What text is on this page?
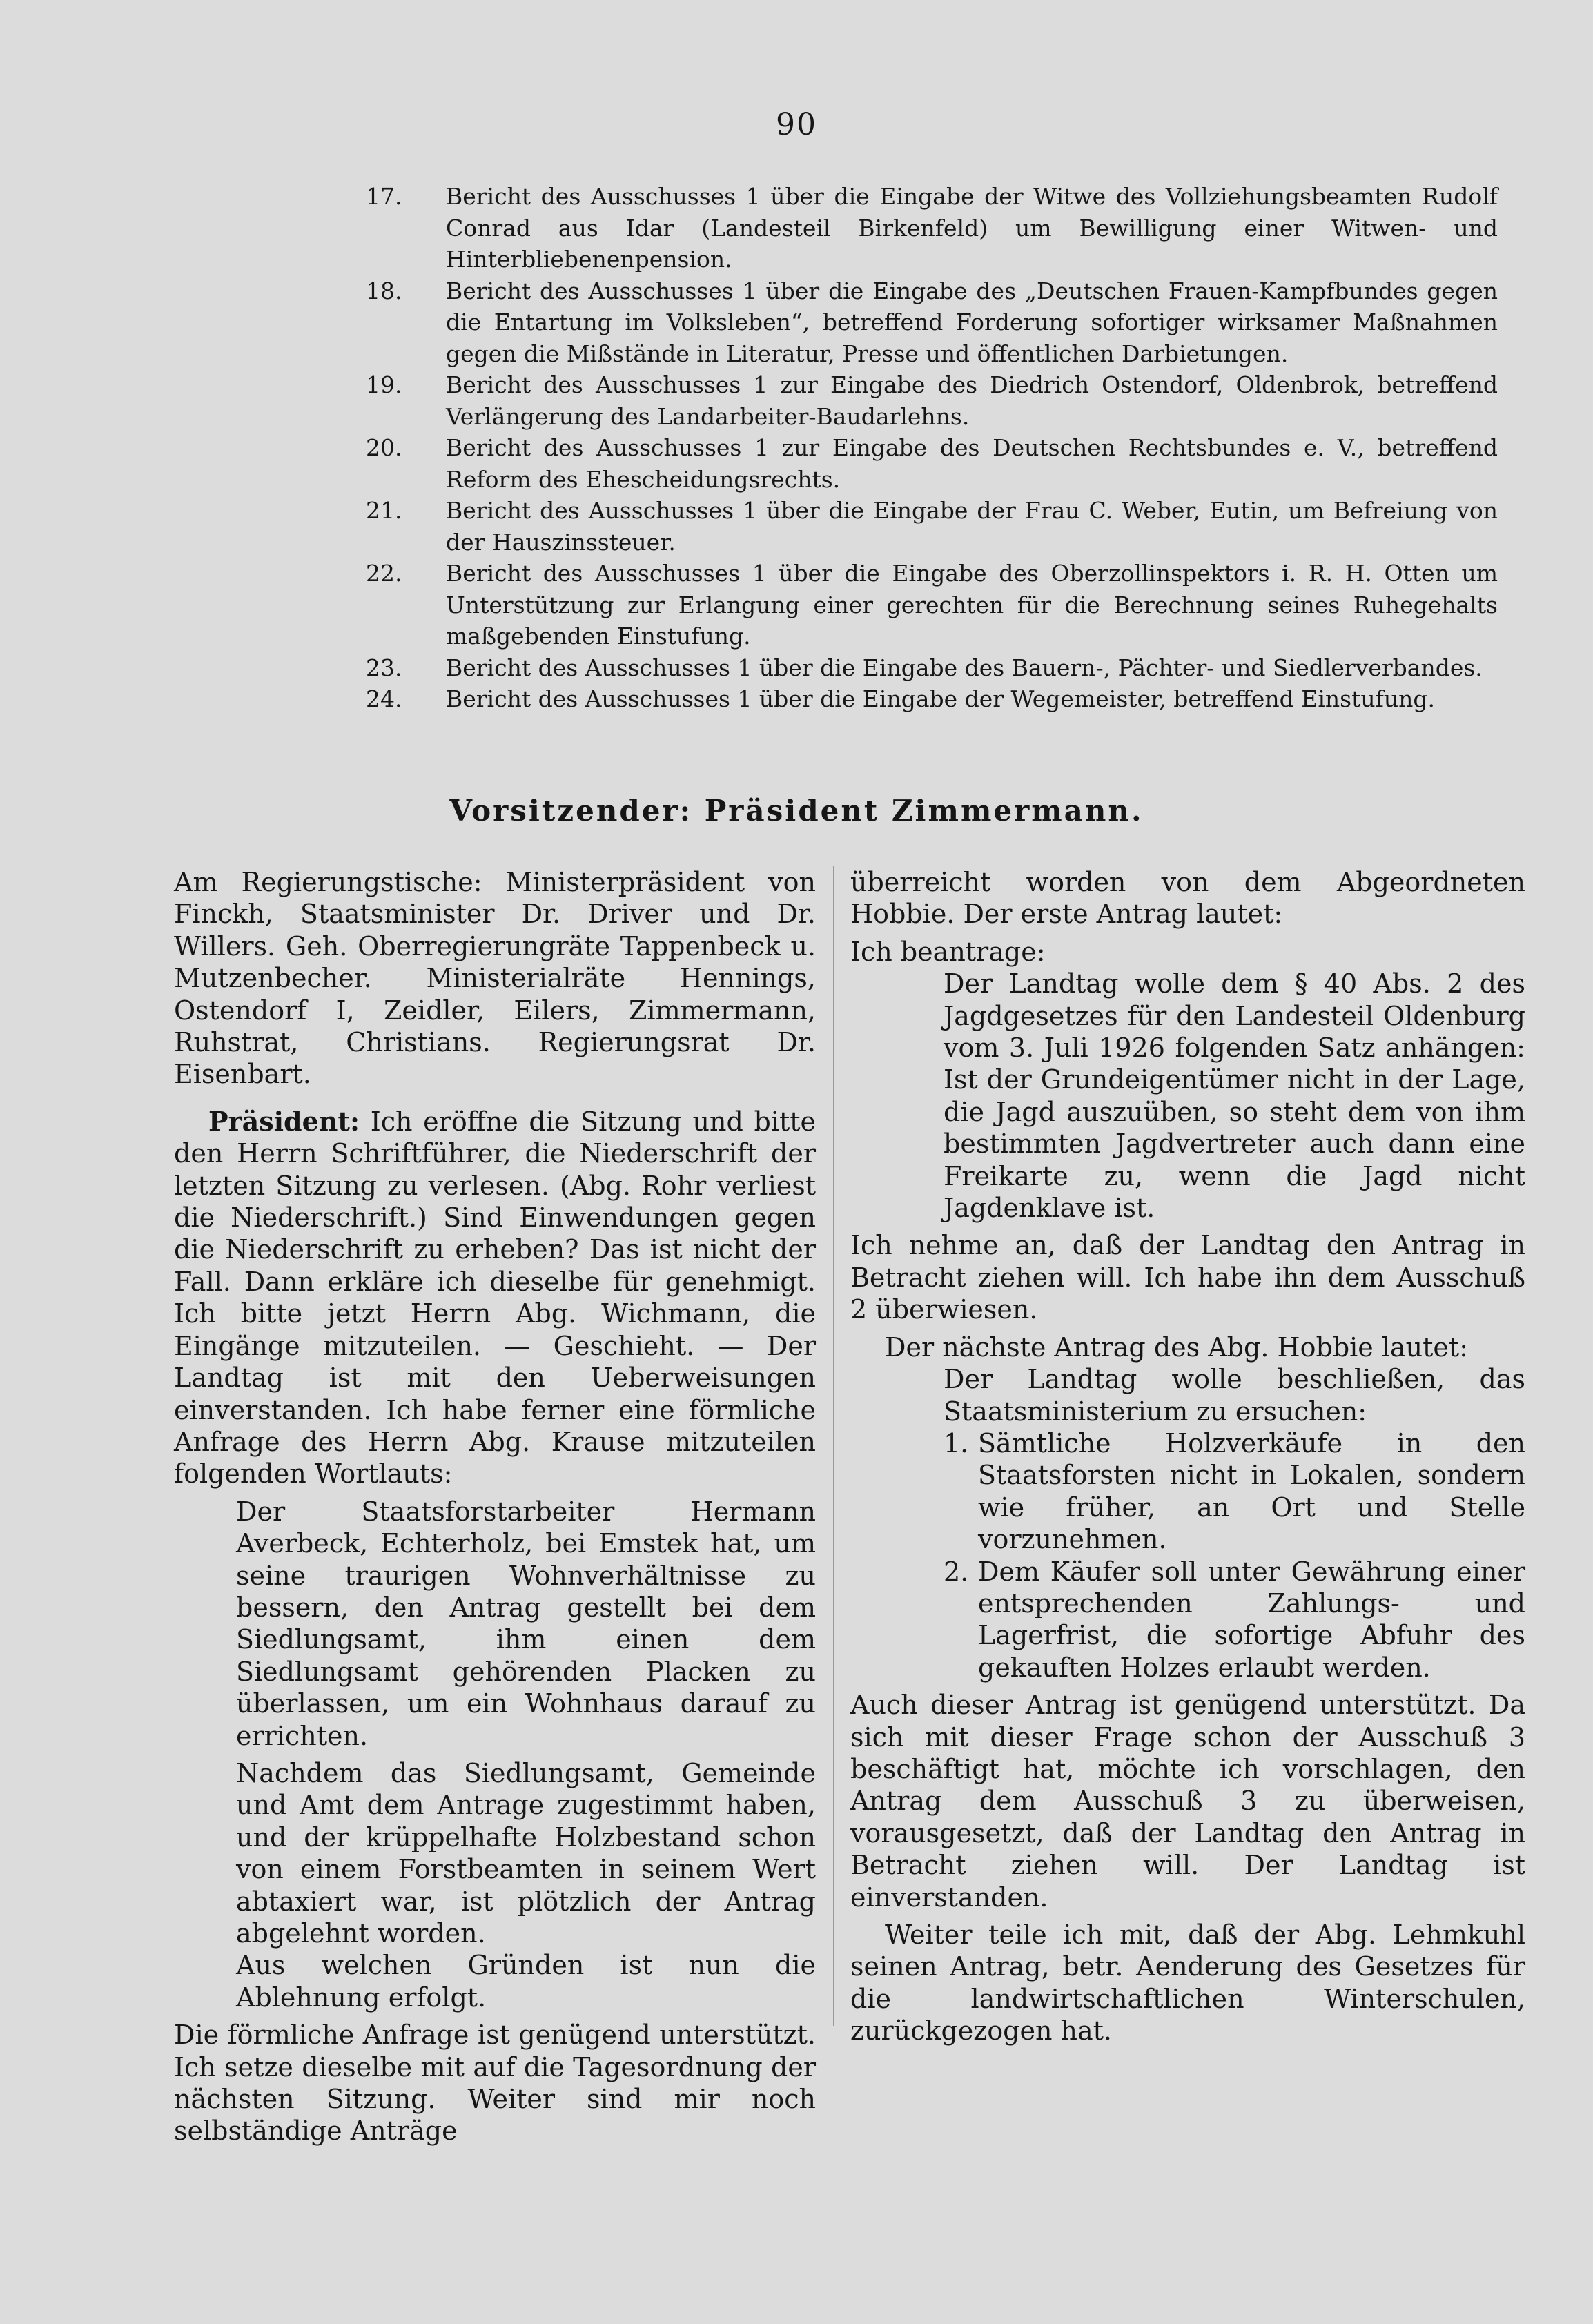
90
17.	Bericht des Ausschusses 1 über die Eingabe der Witwe des Vollziehungsbeamten Rudolf Conrad aus Idar (Landesteil Birkenfeld) um Bewilligung einer Witwen- und Hinterbliebenenpension.
18.	Bericht des Ausschusses 1 über die Eingabe des „Deutschen Frauen-Kampfbundes gegen die Entartung im Volksleben“, betreffend Forderung sofortiger wirksamer Maßnahmen gegen die Mißstände in Literatur, Presse und öffentlichen Darbietungen.
19.	Bericht des Ausschusses 1 zur Eingabe des Diedrich Ostendorf, Oldenbrok, betreffend Verlängerung des Landarbeiter-Baudarlehns.
20.	Bericht des Ausschusses 1 zur Eingabe des Deutschen Rechtsbundes e. V., betreffend Reform des Ehescheidungsrechts.
21.	Bericht des Ausschusses 1 über die Eingabe der Frau C. Weber, Eutin, um Befreiung von der Hauszinssteuer.
22.	Bericht des Ausschusses 1 über die Eingabe des Oberzollinspektors i. R. H. Otten um Unterstützung zur Erlangung einer gerechten für die Berechnung seines Ruhegehalts maßgebenden Einstufung.
23.	Bericht des Ausschusses 1 über die Eingabe des Bauern-, Pächter- und Siedlerverbandes.
24.	Bericht des Ausschusses 1 über die Eingabe der Wegemeister, betreffend Einstufung.
Vorsitzender: Präsident Zimmermann.

Am Regierungstische: Ministerpräsident von Finckh, Staatsminister Dr. Driver und Dr. Willers. Geh. Oberregierungräte Tappenbeck u. Mutzenbecher. Ministerialräte Hennings, Ostendorf I, Zeidler, Eilers, Zimmermann, Ruhstrat, Christians. Regierungsrat Dr. Eisenbart.

Präsident: Ich eröffne die Sitzung und bitte den Herrn Schriftführer, die Niederschrift der letzten Sitzung zu verlesen. (Abg. Rohr verliest die Niederschrift.) Sind Einwendungen gegen die Niederschrift zu erheben? Das ist nicht der Fall. Dann erkläre ich dieselbe für genehmigt. Ich bitte jetzt Herrn Abg. Wichmann, die Eingänge mitzuteilen. — Geschieht. — Der Landtag ist mit den Ueberweisungen einverstanden. Ich habe ferner eine förmliche Anfrage des Herrn Abg. Krause mitzuteilen folgenden Wortlauts:

Der Staatsforstarbeiter Hermann Averbeck, Echterholz, bei Emstek hat, um seine traurigen Wohnverhältnisse zu bessern, den Antrag gestellt bei dem Siedlungsamt, ihm einen dem Siedlungsamt gehörenden Placken zu überlassen, um ein Wohnhaus darauf zu errichten.

Nachdem das Siedlungsamt, Gemeinde und Amt dem Antrage zugestimmt haben, und der krüppelhafte Holzbestand schon von einem Forstbeamten in seinem Wert abtaxiert war, ist plötzlich der Antrag abgelehnt worden.

Aus welchen Gründen ist nun die Ablehnung erfolgt.

Die förmliche Anfrage ist genügend unterstützt. Ich setze dieselbe mit auf die Tagesordnung der nächsten Sitzung. Weiter sind mir noch selbständige Anträge

überreicht worden von dem Abgeordneten Hobbie. Der erste Antrag lautet:

Ich beantrage:

Der Landtag wolle dem § 40 Abs. 2 des Jagdgesetzes für den Landesteil Oldenburg vom 3. Juli 1926 folgenden Satz anhängen: Ist der Grundeigentümer nicht in der Lage, die Jagd auszuüben, so steht dem von ihm bestimmten Jagdvertreter auch dann eine Freikarte zu, wenn die Jagd nicht Jagdenklave ist.

Ich nehme an, daß der Landtag den Antrag in Betracht ziehen will. Ich habe ihn dem Ausschuß 2 überwiesen.

Der nächste Antrag des Abg. Hobbie lautet:

Der Landtag wolle beschließen, das Staatsministerium zu ersuchen:

1. Sämtliche Holzverkäufe in den Staatsforsten nicht in Lokalen, sondern wie früher, an Ort und Stelle vorzunehmen.
2. Dem Käufer soll unter Gewährung einer entsprechenden Zahlungs- und Lagerfrist, die sofortige Abfuhr des gekauften Holzes erlaubt werden.

Auch dieser Antrag ist genügend unterstützt. Da sich mit dieser Frage schon der Ausschuß 3 beschäftigt hat, möchte ich vorschlagen, den Antrag dem Ausschuß 3 zu überweisen, vorausgesetzt, daß der Landtag den Antrag in Betracht ziehen will. Der Landtag ist einverstanden.

Weiter teile ich mit, daß der Abg. Lehmkuhl seinen Antrag, betr. Aenderung des Gesetzes für die landwirtschaftlichen Winterschulen, zurückgezogen hat.
